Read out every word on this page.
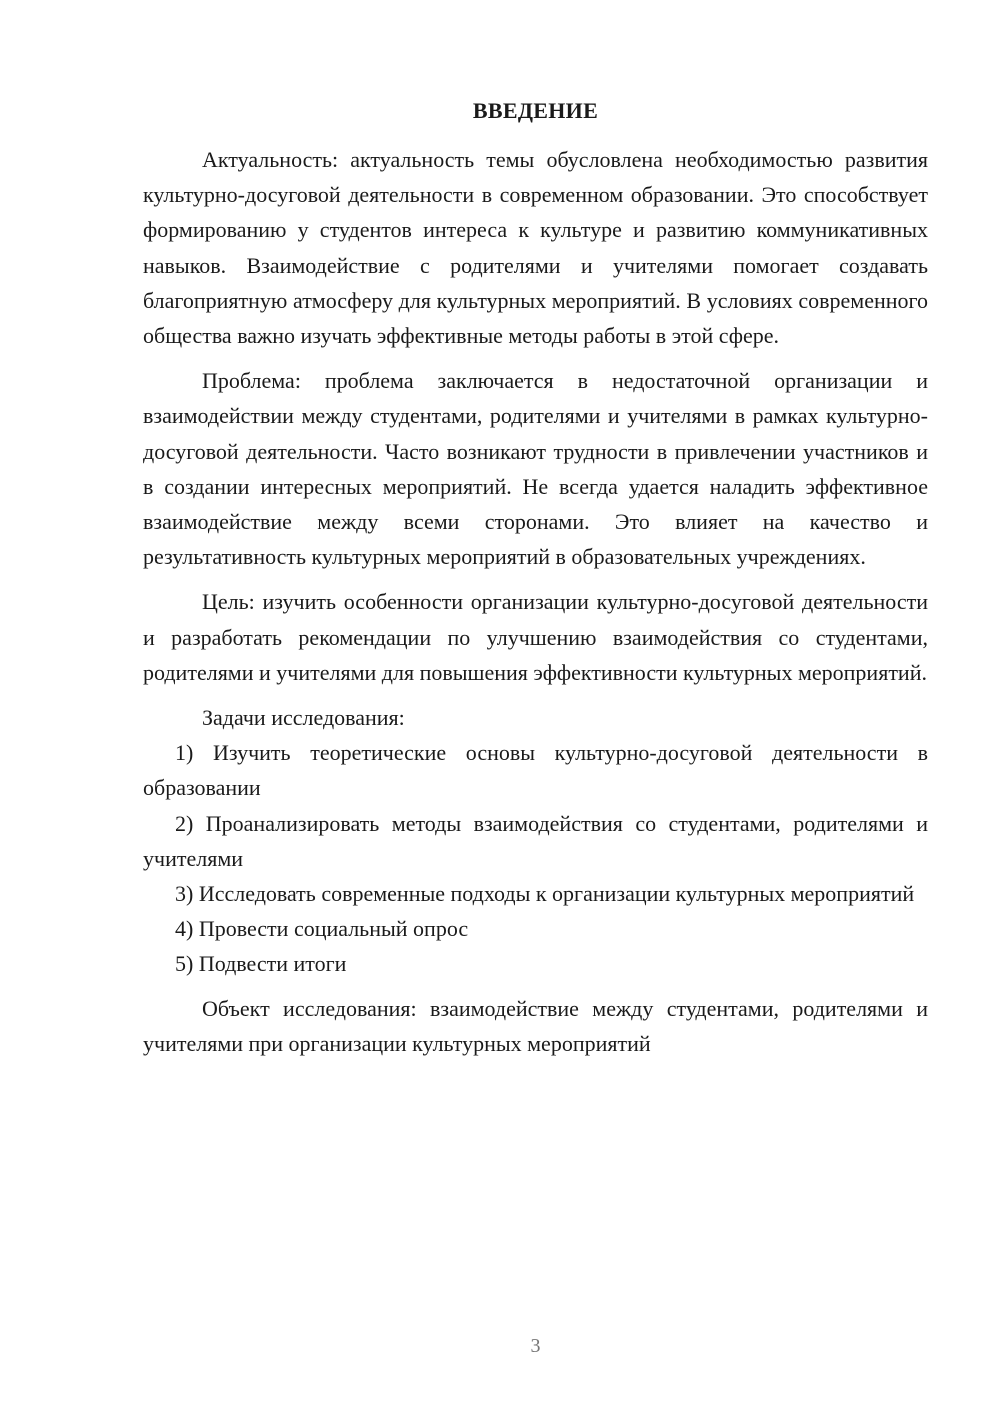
ВВЕДЕНИЕ

Актуальность: актуальность темы обусловлена необходимостью развития культурно-досуговой деятельности в современном образовании. Это способствует формированию у студентов интереса к культуре и развитию коммуникативных навыков. Взаимодействие с родителями и учителями помогает создавать благоприятную атмосферу для культурных мероприятий. В условиях современного общества важно изучать эффективные методы работы в этой сфере.

Проблема: проблема заключается в недостаточной организации и взаимодействии между студентами, родителями и учителями в рамках культурно-досуговой деятельности. Часто возникают трудности в привлечении участников и в создании интересных мероприятий. Не всегда удается наладить эффективное взаимодействие между всеми сторонами. Это влияет на качество и результативность культурных мероприятий в образовательных учреждениях.

Цель: изучить особенности организации культурно-досуговой деятельности и разработать рекомендации по улучшению взаимодействия со студентами, родителями и учителями для повышения эффективности культурных мероприятий.

Задачи исследования:

1) Изучить теоретические основы культурно-досуговой деятельности в образовании

2) Проанализировать методы взаимодействия со студентами, родителями и учителями

3) Исследовать современные подходы к организации культурных мероприятий

4) Провести социальный опрос

5) Подвести итоги

Объект исследования: взаимодействие между студентами, родителями и учителями при организации культурных мероприятий

3
